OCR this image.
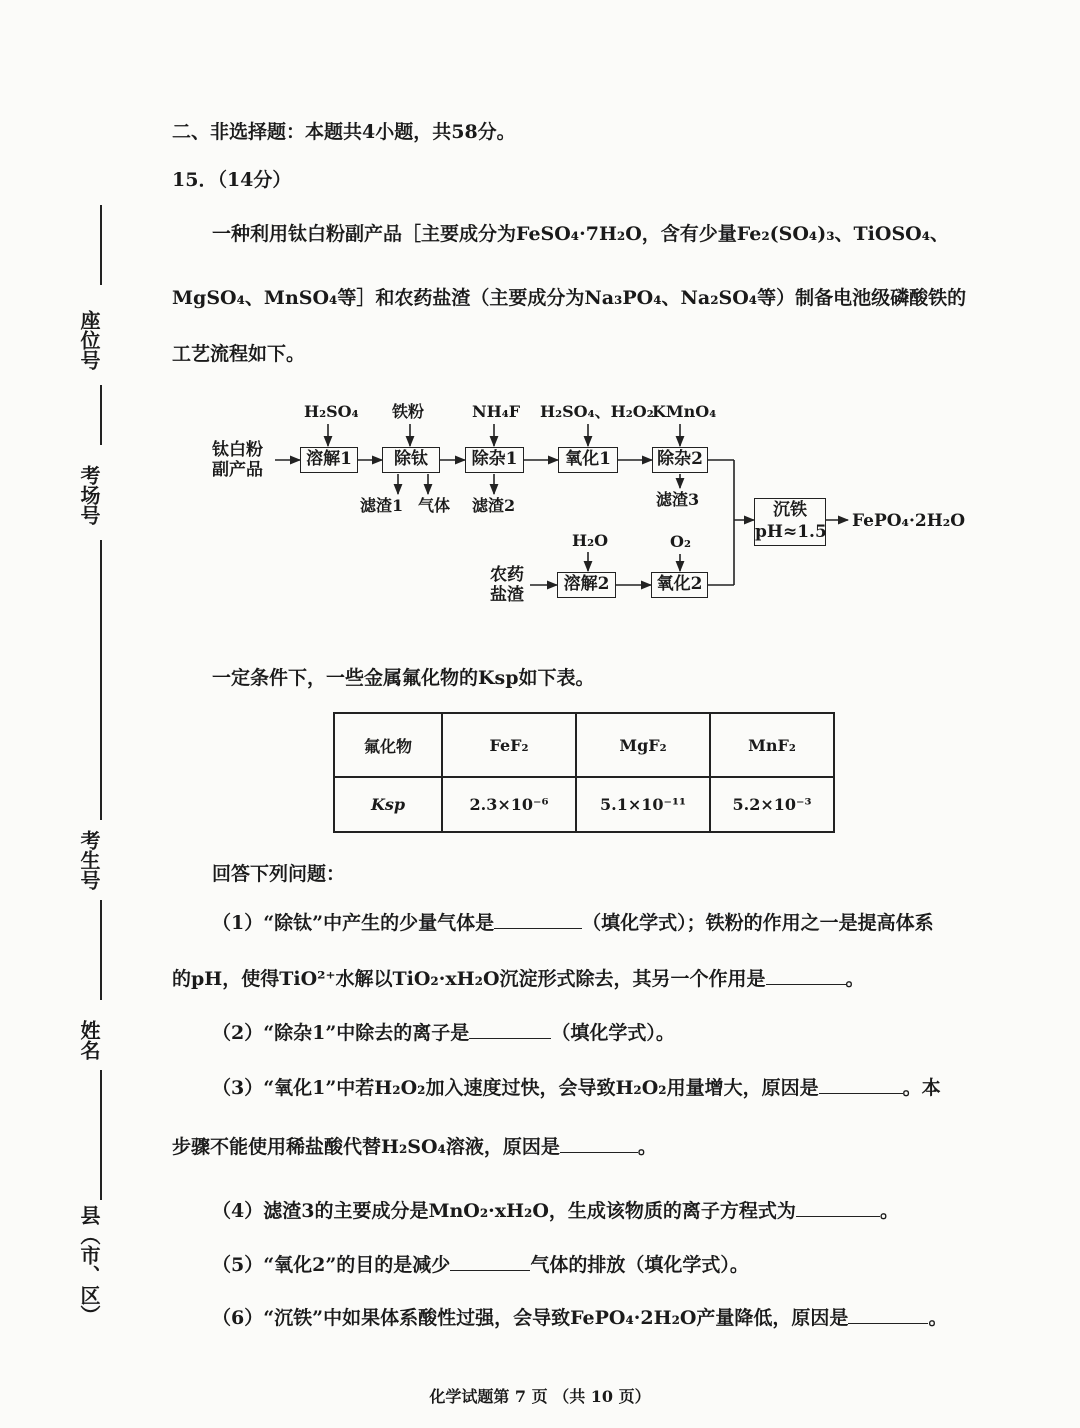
座位号
考场号
考生号
姓名
县（市、区）
二、非选择题：本题共4小题，共58分。
15．（14分）
一种利用钛白粉副产品［主要成分为FeSO₄·7H₂O，含有少量Fe₂(SO₄)₃、TiOSO₄、
MgSO₄、MnSO₄等］和农药盐渣（主要成分为Na₃PO₄、Na₂SO₄等）制备电池级磷酸铁的
工艺流程如下。
钛白粉
副产品
农药
盐渣
溶解1	除钛	除杂1	氧化1	除杂2
溶解2	氧化2
沉铁
pH≈1.5
H₂SO₄ 铁粉	NH₄F H₂SO₄、H₂O₂
KMnO₄
H₂O	O₂
滤渣1 气体 滤渣2	滤渣3
FePO₄·2H₂O
一定条件下，一些金属氟化物的Ksp如下表。
氟化物	FeF₂	MgF₂	MnF₂
Ksp	2.3×10⁻⁶	5.1×10⁻¹¹	5.2×10⁻³
回答下列问题：
（1）“除钛”中产生的少量气体是	（填化学式）；铁粉的作用之一是提高体系
的pH，使得TiO²⁺水解以TiO₂·xH₂O沉淀形式除去，其另一个作用是	。
（2）“除杂1”中除去的离子是	（填化学式）。
（3）“氧化1”中若H₂O₂加入速度过快，会导致H₂O₂用量增大，原因是	。本
步骤不能使用稀盐酸代替H₂SO₄溶液，原因是	。
（4）滤渣3的主要成分是MnO₂·xH₂O，生成该物质的离子方程式为	。
（5）“氧化2”的目的是减少	气体的排放（填化学式）。
（6）“沉铁”中如果体系酸性过强，会导致FePO₄·2H₂O产量降低，原因是	。
化学试题第 7 页 （共 10 页）
